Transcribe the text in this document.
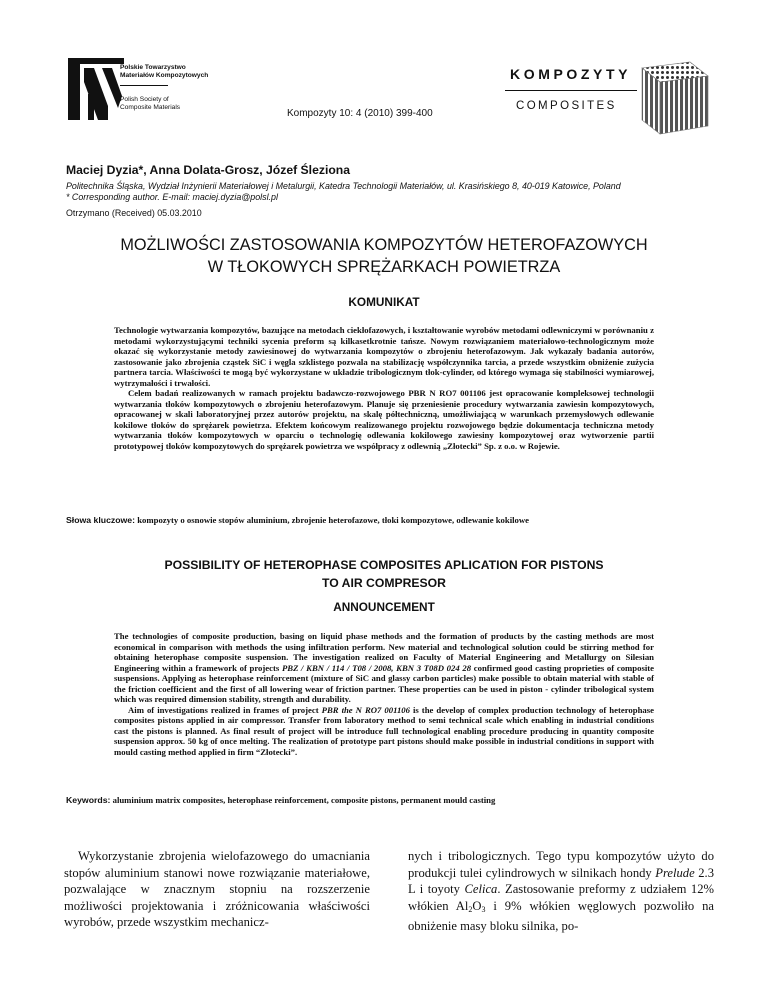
Polskie Towarzystwo
Materiałów Kompozytowych
Polish Society of
Composite Materials
Kompozyty 10: 4 (2010) 399-400
KOMPOZYTY
COMPOSITES
Maciej Dyzia*, Anna Dolata-Grosz, Józef Śleziona
Politechnika Śląska, Wydział Inżynierii Materiałowej i Metalurgii, Katedra Technologii Materiałów, ul. Krasińskiego 8, 40-019 Katowice, Poland
* Corresponding author. E-mail: maciej.dyzia@polsl.pl
Otrzymano (Received) 05.03.2010
MOŻLIWOŚCI ZASTOSOWANIA KOMPOZYTÓW HETEROFAZOWYCH
W TŁOKOWYCH SPRĘŻARKACH POWIETRZA
KOMUNIKAT

Technologie wytwarzania kompozytów, bazujące na metodach ciekłofazowych, i kształtowanie wyrobów metodami odlewniczymi w porównaniu z metodami wykorzystującymi techniki sycenia preform są kilkasetkrotnie tańsze. Nowym rozwiązaniem materiałowo-technologicznym może okazać się wykorzystanie metody zawiesinowej do wytwarzania kompozytów o zbrojeniu heterofazowym. Jak wykazały badania autorów, zastosowanie jako zbrojenia cząstek SiC i węgla szklistego pozwala na stabilizację współczynnika tarcia, a przede wszystkim obniżenie zużycia partnera tarcia. Właściwości te mogą być wykorzystane w układzie tribologicznym tłok-cylinder, od którego wymaga się stabilności wymiarowej, wytrzymałości i trwałości.

Celem badań realizowanych w ramach projektu badawczo-rozwojowego PBR N RO7 001106 jest opracowanie kompleksowej technologii wytwarzania tłoków kompozytowych o zbrojeniu heterofazowym. Planuje się przeniesienie procedury wytwarzania zawiesin kompozytowych, opracowanej w skali laboratoryjnej przez autorów projektu, na skalę półtechniczną, umożliwiającą w warunkach przemysłowych odlewanie kokilowe tłoków do sprężarek powietrza. Efektem końcowym realizowanego projektu rozwojowego będzie dokumentacja techniczna metody wytwarzania tłoków kompozytowych w oparciu o technologię odlewania kokilowego zawiesiny kompozytowej oraz wytworzenie partii prototypowej tłoków kompozytowych do sprężarek powietrza we współpracy z odlewnią „Złotecki” Sp. z o.o. w Rojewie.

Słowa kluczowe: kompozyty o osnowie stopów aluminium, zbrojenie heterofazowe, tłoki kompozytowe, odlewanie kokilowe
POSSIBILITY OF HETEROPHASE COMPOSITES APLICATION FOR PISTONS
TO AIR COMPRESOR
ANNOUNCEMENT

The technologies of composite production, basing on liquid phase methods and the formation of products by the casting methods are most economical in comparison with methods the using infiltration perform. New material and technological solution could be stirring method for obtaining heterophase composite suspension. The investigation realized on Faculty of Material Engineering and Metallurgy on Silesian Engineering within a framework of projects PBZ / KBN / 114 / T08 / 2008, KBN 3 T08D 024 28 confirmed good casting proprieties of composite suspensions. Applying as heterophase reinforcement (mixture of SiC and glassy carbon particles) make possible to obtain material with stable of the friction coefficient and the first of all lowering wear of friction partner. These properties can be used in piston - cylinder tribological system which was required dimension stability, strength and durability.

Aim of investigations realized in frames of project PBR the N RO7 001106 is the develop of complex production technology of heterophase composites pistons applied in air compressor. Transfer from laboratory method to semi technical scale which enabling in industrial conditions cast the pistons is planned. As final result of project will be introduce full technological enabling procedure producing in quantity composite suspension approx. 50 kg of once melting. The realization of prototype part pistons should make possible in industrial conditions in support with mould casting method applied in firm “Złotecki”.

Keywords: aluminium matrix composites, heterophase reinforcement, composite pistons, permanent mould casting

Wykorzystanie zbrojenia wielofazowego do umacniania stopów aluminium stanowi nowe rozwiązanie materiałowe, pozwalające w znacznym stopniu na rozszerzenie możliwości projektowania i zróżnicowania właściwości wyrobów, przede wszystkim mechanicz-

nych i tribologicznych. Tego typu kompozytów użyto do produkcji tulei cylindrowych w silnikach hondy Prelude 2.3 L i toyoty Celica. Zastosowanie preformy z udziałem 12% włókien $Al_2O_3$ i 9% włókien węglowych pozwoliło na obniżenie masy bloku silnika, po-
